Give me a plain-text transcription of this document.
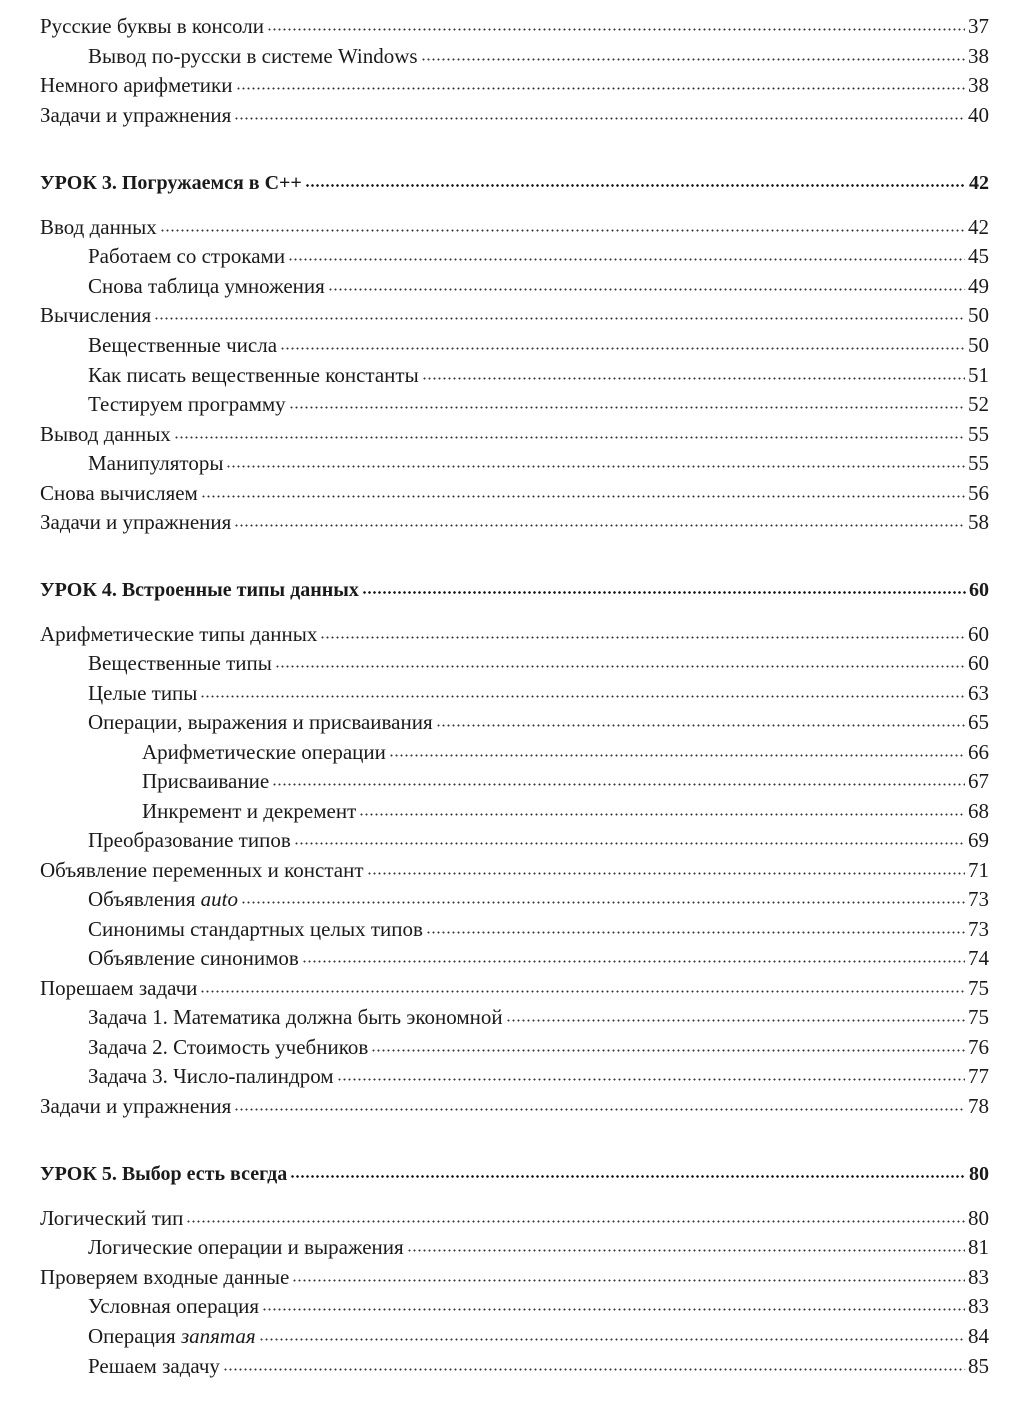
Русские буквы в консоли	37
Вывод по-русски в системе Windows	38
Немного арифметики	38
Задачи и упражнения	40
УРОК 3. Погружаемся в С++	42
Ввод данных	42
Работаем со строками	45
Снова таблица умножения	49
Вычисления	50
Вещественные числа	50
Как писать вещественные константы	51
Тестируем программу	52
Вывод данных	55
Манипуляторы	55
Снова вычисляем	56
Задачи и упражнения	58
УРОК 4. Встроенные типы данных	60
Арифметические типы данных	60
Вещественные типы	60
Целые типы	63
Операции, выражения и присваивания	65
Арифметические операции	66
Присваивание	67
Инкремент и декремент	68
Преобразование типов	69
Объявление переменных и констант	71
Объявления auto	73
Синонимы стандартных целых типов	73
Объявление синонимов	74
Порешаем задачи	75
Задача 1. Математика должна быть экономной	75
Задача 2. Стоимость учебников	76
Задача 3. Число-палиндром	77
Задачи и упражнения	78
УРОК 5. Выбор есть всегда	80
Логический тип	80
Логические операции и выражения	81
Проверяем входные данные	83
Условная операция	83
Операция запятая	84
Решаем задачу	85
